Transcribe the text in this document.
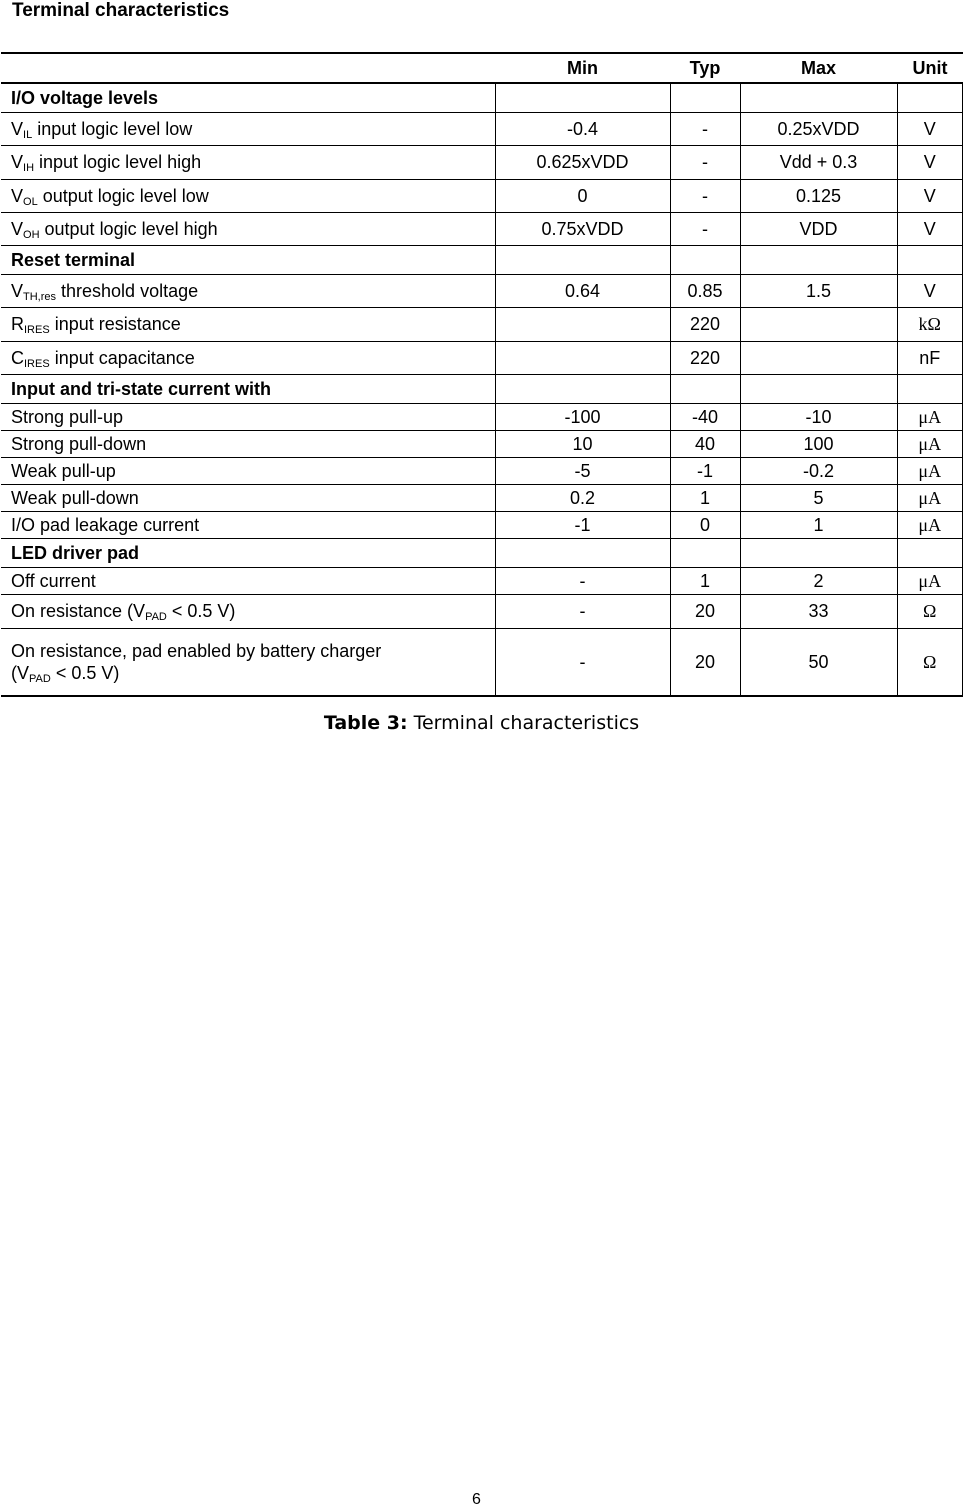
Terminal characteristics
	Min	Typ	Max	Unit
I/O voltage levels				
$V_{IL}$ input logic level low	-0.4	-	0.25xVDD	V
$V_{IH}$ input logic level high	0.625xVDD	-	Vdd + 0.3	V
$V_{OL}$ output logic level low	0	-	0.125	V
$V_{OH}$ output logic level high	0.75xVDD	-	VDD	V
Reset terminal				
$V_{TH,res}$ threshold voltage	0.64	0.85	1.5	V
$R_{IRES}$ input resistance		220		kΩ
$C_{IRES}$ input capacitance		220		nF
Input and tri-state current with				
Strong pull-up	-100	-40	-10	μA
Strong pull-down	10	40	100	μA
Weak pull-up	-5	-1	-0.2	μA
Weak pull-down	0.2	1	5	μA
I/O pad leakage current	-1	0	1	μA
LED driver pad				
Off current	-	1	2	μA
On resistance ($V_{PAD} < 0.5$ V)	-	20	33	Ω
On resistance, pad enabled by battery charger
($V_{PAD} < 0.5$ V)	-	20	50	Ω
Table 3: Terminal characteristics
6
